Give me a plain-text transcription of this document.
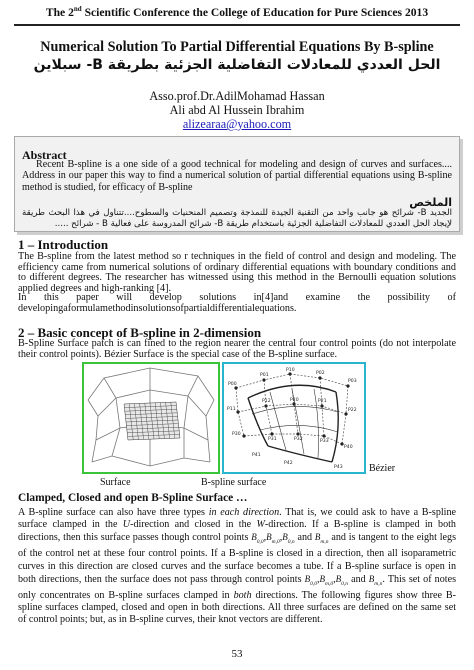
The 2nd Scientific Conference the College of Education for Pure Sciences 2013
Numerical Solution To Partial Differential Equations By B-spline
الحل العددي للمعادلات التفاضلية الجزئية بطريقة B- سبلاين
Asso.prof.Dr.AdilMohamad Hassan
Ali abd Al Hussein Ibrahim
alizearaa@yahoo.com
Abstract
Recent B-spline is a one side of a good technical for modeling and design of curves and surfaces.... Address in our paper this way to find a numerical solution of partial differential equations using B-spline method is studied, for efficacy of B-spline
الملخص
الجديد B- شرائح هو جانب واحد من التقنية الجيدة للنمذجة وتصميم المنحنيات والسطوح....تتناول في هذا البحث طريقة لإيجاد الحل العددي للمعادلات التفاضلية الجزئية باستخدام طريقة B- شرائح المدروسة على فعالية B - شرائح .....
1 – Introduction
The B-spline from the latest method so r techniques in the field of control and design and modeling. The efficiency came from numerical solutions of ordinary differential equations with boundary conditions and to different degrees. The researcher has witnessed using this method in the Bernoulli equation solutions applied degrees and high-ranking [4].
In this paper will develop solutions in[4]and examine the possibility of developingaformulamethodinsolutionsofpartialdifferentialequations.
2 – Basic concept of B-spline in 2-dimension
B-Spline Surface patch is can fined to the region nearer the central four control points (do not interpolate their control points). Bézier Surface is the special case of the B-spline surface.
P00
P01
P10
P02
P03
P11
P12	P20	P21
P22
P30
P31	P32	P33
P40
P41
P42
P43	Bézier
Surface	B-spline surface
Clamped, Closed and open B-Spline Surface …
A B-spline surface can also have three types in each direction. That is, we could ask to have a B-spline surface clamped in the U-direction and closed in the W-direction. If a B-spline is clamped in both directions, then this surface passes though control points $B_{0,0},B_{m,0},B_{0,n}$ and $B_{m,n}$ and is tangent to the eight legs of the control net at these four control points. If a B-spline is closed in a direction, then all isoparametric curves in this direction are closed curves and the surface becomes a tube. If a B-spline surface is open in both directions, then the surface does not pass through control points $B_{0,0},B_{m,0},B_{0,n}$ and $B_{m,n}$. This set of notes only concentrates on B-spline surfaces clamped in both directions. The following figures show three B-spline surfaces clamped, closed and open in both directions. All three surfaces are defined on the same set of control points; but, as in B-spline curves, their knot vectors are different.
53
